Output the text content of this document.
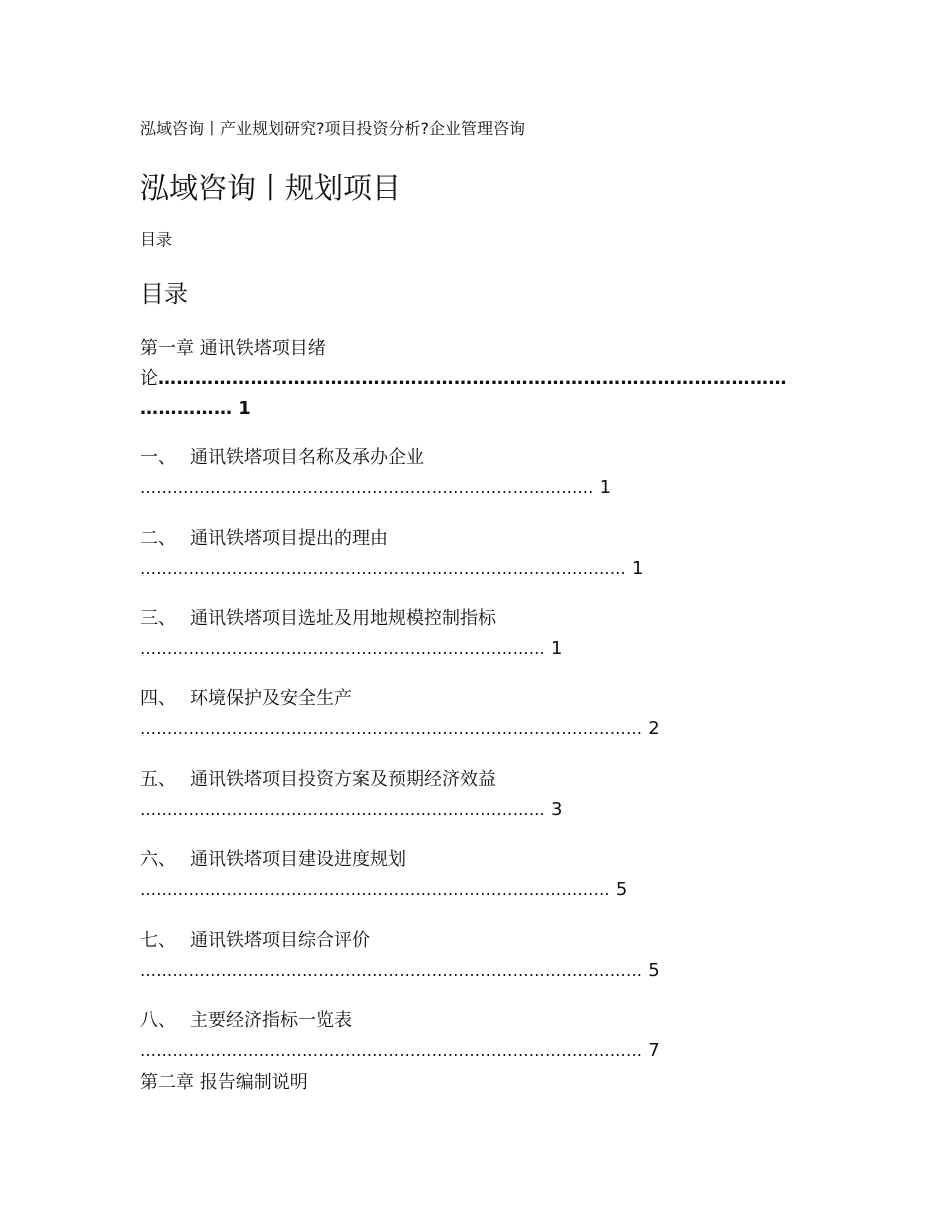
泓域咨询丨产业规划研究?项目投资分析?企业管理咨询
泓域咨询丨规划项目
目录
目录
第一章 通讯铁塔项目绪
论…………………………………………………………………………………………
…………… 1
一、 通讯铁塔项目名称及承办企业
………………………………………………………………………… 1
二、 通讯铁塔项目提出的理由
……………………………………………………………………………… 1
三、 通讯铁塔项目选址及用地规模控制指标
………………………………………………………………… 1
四、 环境保护及安全生产
………………………………………………………………………………… 2
五、 通讯铁塔项目投资方案及预期经济效益
………………………………………………………………… 3
六、 通讯铁塔项目建设进度规划
…………………………………………………………………………… 5
七、 通讯铁塔项目综合评价
………………………………………………………………………………… 5
八、 主要经济指标一览表
………………………………………………………………………………… 7
第二章 报告编制说明
